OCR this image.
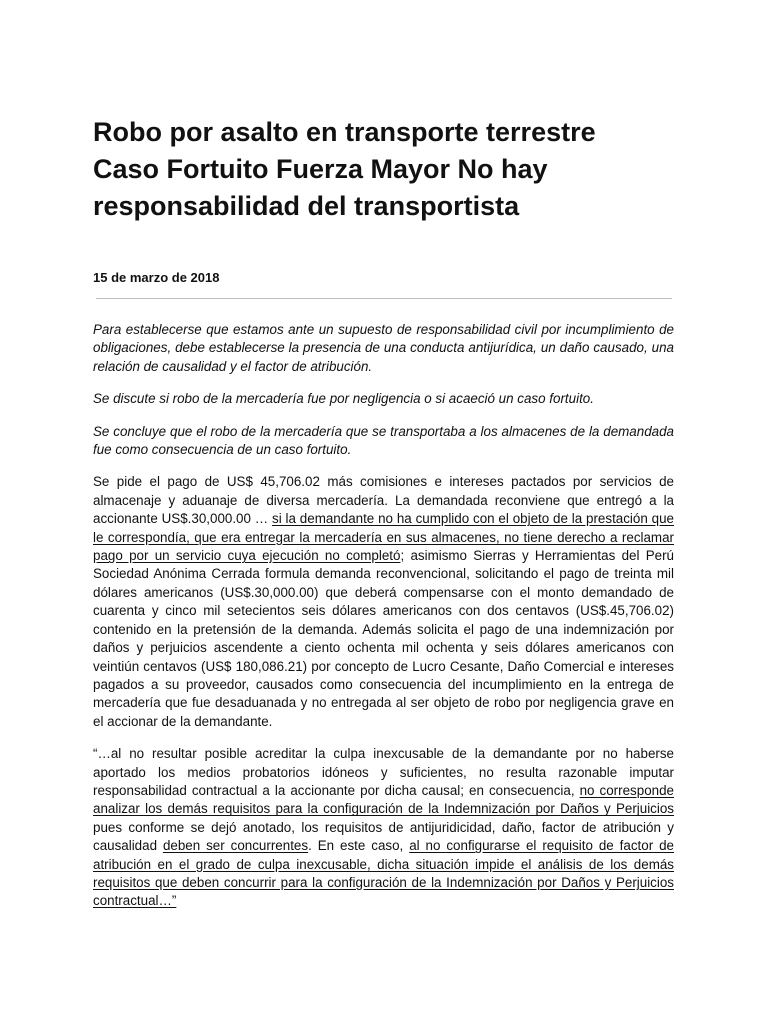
Robo por asalto en transporte terrestre
Caso Fortuito Fuerza Mayor No hay
responsabilidad del transportista
15 de marzo de 2018

Para establecerse que estamos ante un supuesto de responsabilidad civil por incumplimiento de obligaciones, debe establecerse la presencia de una conducta antijurídica, un daño causado, una relación de causalidad y el factor de atribución.

Se discute si robo de la mercadería fue por negligencia o si acaeció un caso fortuito.

Se concluye que el robo de la mercadería que se transportaba a los almacenes de la demandada fue como consecuencia de un caso fortuito.

Se pide el pago de US$ 45,706.02 más comisiones e intereses pactados por servicios de almacenaje y aduanaje de diversa mercadería. La demandada reconviene que entregó a la accionante US$.30,000.00 … si la demandante no ha cumplido con el objeto de la prestación que le correspondía, que era entregar la mercadería en sus almacenes, no tiene derecho a reclamar pago por un servicio cuya ejecución no completó; asimismo Sierras y Herramientas del Perú Sociedad Anónima Cerrada formula demanda reconvencional, solicitando el pago de treinta mil dólares americanos (US$.30,000.00) que deberá compensarse con el monto demandado de cuarenta y cinco mil setecientos seis dólares americanos con dos centavos (US$.45,706.02) contenido en la pretensión de la demanda. Además solicita el pago de una indemnización por daños y perjuicios ascendente a ciento ochenta mil ochenta y seis dólares americanos con veintiún centavos (US$ 180,086.21) por concepto de Lucro Cesante, Daño Comercial e intereses pagados a su proveedor, causados como consecuencia del incumplimiento en la entrega de mercadería que fue desaduanada y no entregada al ser objeto de robo por negligencia grave en el accionar de la demandante.

“…al no resultar posible acreditar la culpa inexcusable de la demandante por no haberse aportado los medios probatorios idóneos y suficientes, no resulta razonable imputar responsabilidad contractual a la accionante por dicha causal; en consecuencia, no corresponde analizar los demás requisitos para la configuración de la Indemnización por Daños y Perjuicios pues conforme se dejó anotado, los requisitos de antijuridicidad, daño, factor de atribución y causalidad deben ser concurrentes. En este caso, al no configurarse el requisito de factor de atribución en el grado de culpa inexcusable, dicha situación impide el análisis de los demás requisitos que deben concurrir para la configuración de la Indemnización por Daños y Perjuicios contractual…”
